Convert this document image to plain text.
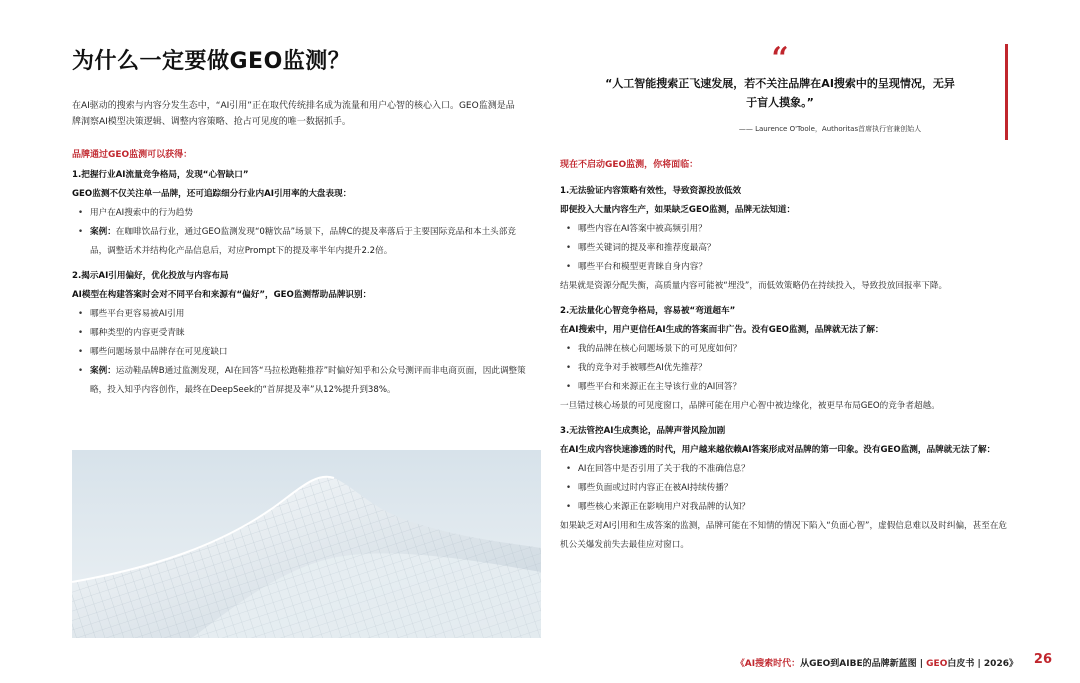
为什么一定要做GEO监测？

在AI驱动的搜索与内容分发生态中，“AI引用”正在取代传统排名成为流量和用户心智的核心入口。GEO监测是品牌洞察AI模型决策逻辑、调整内容策略、抢占可见度的唯一数据抓手。

品牌通过GEO监测可以获得：
1.把握行业AI流量竞争格局，发现“心智缺口”
GEO监测不仅关注单一品牌，还可追踪细分行业内AI引用率的大盘表现：
• 用户在AI搜索中的行为趋势
• 案例：在咖啡饮品行业，通过GEO监测发现“0糖饮品”场景下，品牌C的提及率落后于主要国际竞品和本土头部竞品，调整话术并结构化产品信息后，对应Prompt下的提及率半年内提升2.2倍。
2.揭示AI引用偏好，优化投放与内容布局
AI模型在构建答案时会对不同平台和来源有“偏好”，GEO监测帮助品牌识别：
• 哪些平台更容易被AI引用
• 哪种类型的内容更受青睐
• 哪些问题场景中品牌存在可见度缺口
• 案例：运动鞋品牌B通过监测发现，AI在回答“马拉松跑鞋推荐”时偏好知乎和公众号测评而非电商页面，因此调整策略，投入知乎内容创作，最终在DeepSeek的“首屏提及率”从12%提升到38%。
“
“人工智能搜索正飞速发展，若不关注品牌在AI搜索中的呈现情况，无异于盲人摸象。”
—— Laurence O'Toole，Authoritas首席执行官兼创始人
现在不启动GEO监测，你将面临：
1.无法验证内容策略有效性，导致资源投放低效
即便投入大量内容生产，如果缺乏GEO监测，品牌无法知道：
• 哪些内容在AI答案中被高频引用？
• 哪些关键词的提及率和推荐度最高？
• 哪些平台和模型更青睐自身内容？
结果就是资源分配失衡，高质量内容可能被“埋没”，而低效策略仍在持续投入，导致投放回报率下降。
2.无法量化心智竞争格局，容易被“弯道超车”
在AI搜索中，用户更信任AI生成的答案而非广告。没有GEO监测，品牌就无法了解：
• 我的品牌在核心问题场景下的可见度如何？
• 我的竞争对手被哪些AI优先推荐？
• 哪些平台和来源正在主导该行业的AI回答？
一旦错过核心场景的可见度窗口，品牌可能在用户心智中被边缘化，被更早布局GEO的竞争者超越。
3.无法管控AI生成舆论，品牌声誉风险加剧
在AI生成内容快速渗透的时代，用户越来越依赖AI答案形成对品牌的第一印象。没有GEO监测，品牌就无法了解：
• AI在回答中是否引用了关于我的不准确信息？
• 哪些负面或过时内容正在被AI持续传播？
• 哪些核心来源正在影响用户对我品牌的认知？
如果缺乏对AI引用和生成答案的监测，品牌可能在不知情的情况下陷入“负面心智”，虚假信息难以及时纠偏，甚至在危机公关爆发前失去最佳应对窗口。
《AI搜索时代：从GEO到AIBE的品牌新蓝图 | GEO白皮书 | 2026》 26
